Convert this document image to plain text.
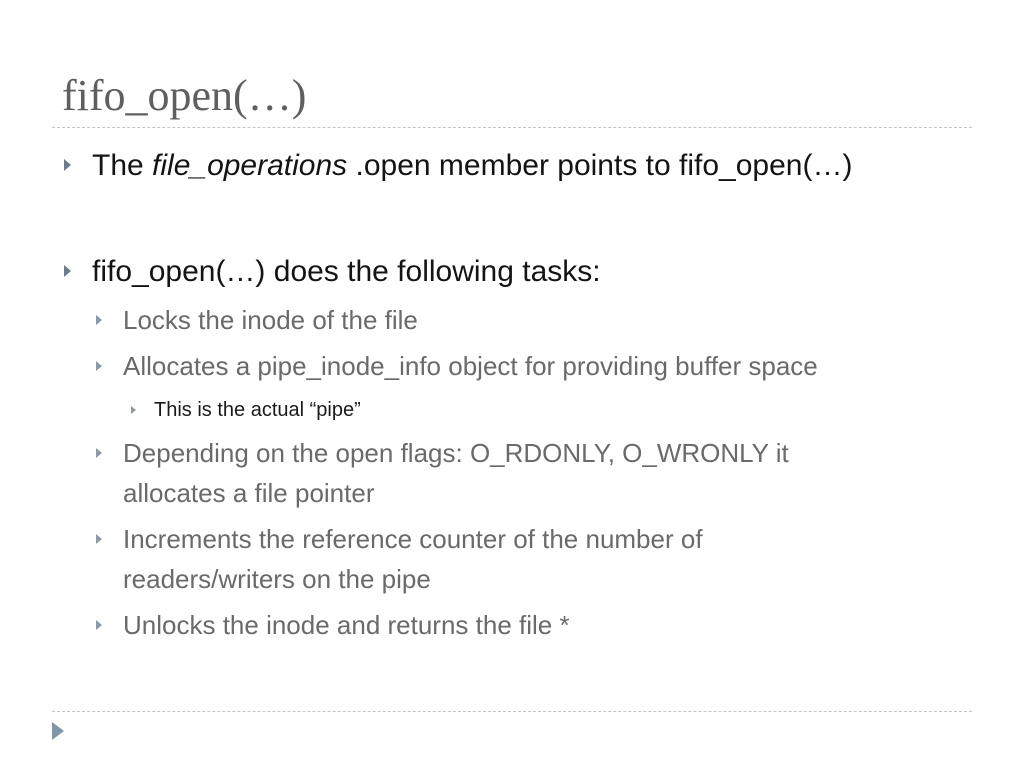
fifo_open(…)
The file_operations .open member points to fifo_open(…)
fifo_open(…) does the following tasks:
Locks the inode of the file
Allocates a pipe_inode_info object for providing buffer space
This is the actual “pipe”
Depending on the open flags: O_RDONLY, O_WRONLY it
allocates a file pointer
Increments the reference counter of the number of
readers/writers on the pipe
Unlocks the inode and returns the file *
